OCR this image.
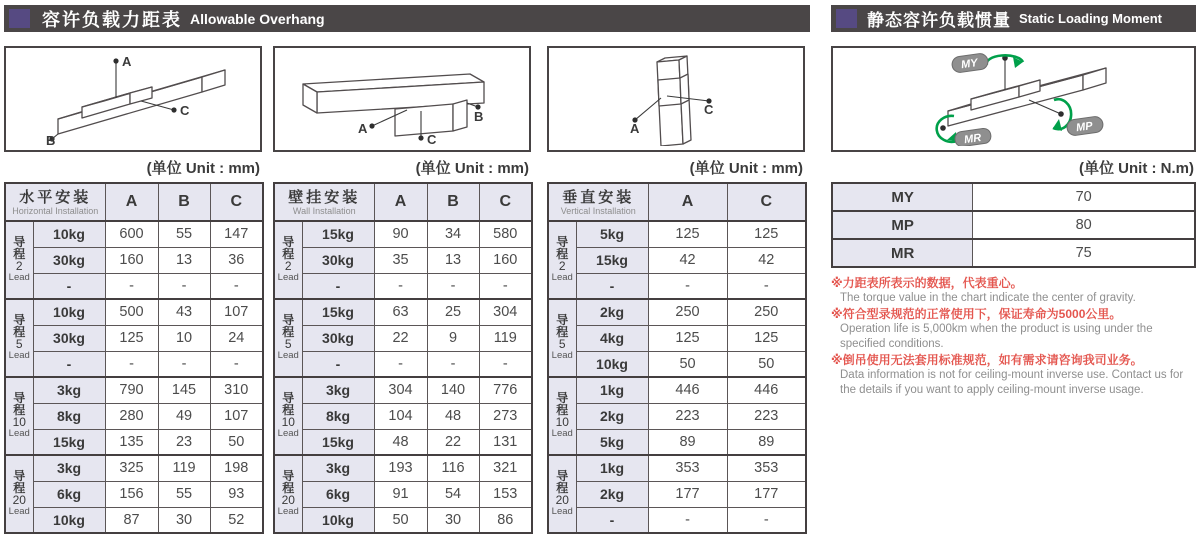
容许负载力距表 Allowable Overhang	静态容许负载惯量 Static Loading Moment
A
B
C
(单位 Unit : mm)
水平安装
Horizontal Installation		A	B	C

导
程
2
Lead	10kg	600	55	147
	30kg	160	13	36
	-	-	-	-

导
程
5
Lead	10kg	500	43	107
	30kg	125	10	24
	-	-	-	-

导
程
10
Lead	3kg	790	145	310
	8kg	280	49	107
	15kg	135	23	50

导
程
20
Lead	3kg	325	119	198
	6kg	156	55	93
	10kg	87	30	52
A
C
B
(单位 Unit : mm)
壁挂安装
Wall Installation		A	B	C

导
程
2
Lead	15kg	90	34	580
	30kg	35	13	160
	-	-	-	-

导
程
5
Lead	15kg	63	25	304
	30kg	22	9	119
	-	-	-	-

导
程
10
Lead	3kg	304	140	776
	8kg	104	48	273
	15kg	48	22	131

导
程
20
Lead	3kg	193	116	321
	6kg	91	54	153
	10kg	50	30	86
A
C
(单位 Unit : mm)
垂直安装
Vertical Installation		A	C

导
程
2
Lead	5kg	125	125
	15kg	42	42
	-	-	-

导
程
5
Lead	2kg	250	250
	4kg	125	125
	10kg	50	50

导
程
10
Lead	1kg	446	446
	2kg	223	223
	5kg	89	89

导
程
20
Lead	1kg	353	353
	2kg	177	177
	-	-	-
MY
MP
MR
(单位 Unit : N.m)
MY	70
MP	80
MR	75
※力距表所表示的数据，代表重心。
The torque value in the chart indicate the center of gravity.
※符合型录规范的正常使用下，保证寿命为5000公里。
Operation life is 5,000km when the product is using under the specified conditions.
※倒吊使用无法套用标准规范，如有需求请咨询我司业务。
Data information is not for ceiling-mount inverse use. Contact us for the details if you want to apply ceiling-mount inverse usage.
